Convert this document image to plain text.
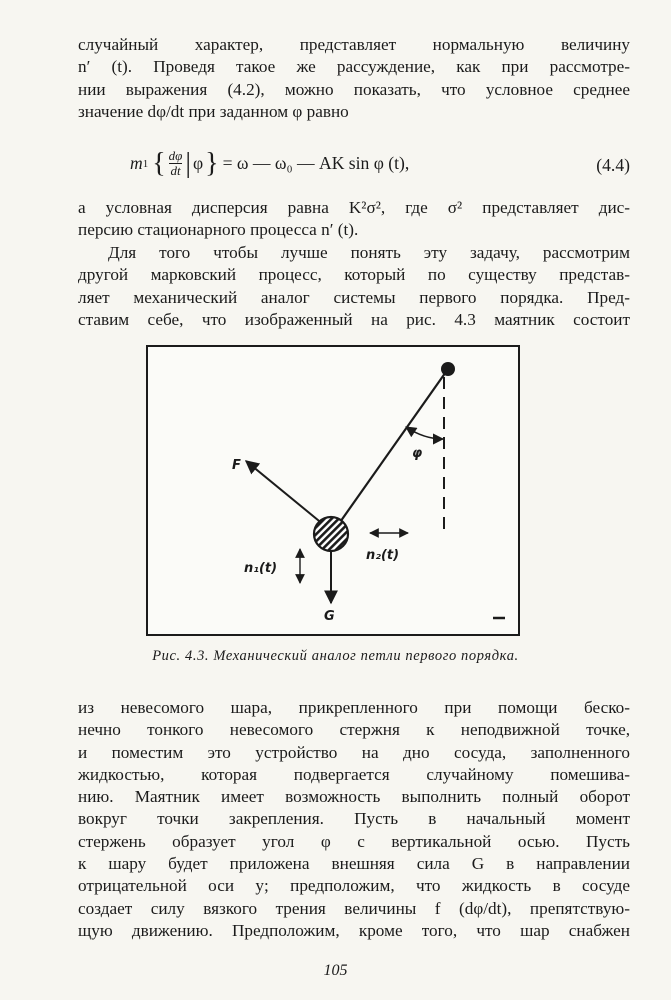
случайный характер, представляет нормальную величину
n′ (t). Проведя такое же рассуждение, как при рассмотре-
нии выражения (4.2), можно показать, что условное среднее
значение dφ/dt при заданном φ равно
m 1 { $\frac{d\varphi}{dt}$ | φ } = ω — ω₀ — AK sin φ (t),	(4.4)
а условная дисперсия равна K²σ², где σ² представляет дис-
персию стационарного процесса n′ (t).
Для того чтобы лучше понять эту задачу, рассмотрим
другой марковский процесс, который по существу представ-
ляет механический аналог системы первого порядка. Пред-
ставим себе, что изображенный на рис. 4.3 маятник состоит
F
φ
n₁(t)
n₂(t)
G
Рис. 4.3. Механический аналог петли первого порядка.
из невесомого шара, прикрепленного при помощи беско-
нечно тонкого невесомого стержня к неподвижной точке,
и поместим это устройство на дно сосуда, заполненного
жидкостью, которая подвергается случайному помешива-
нию. Маятник имеет возможность выполнить полный оборот
вокруг точки закрепления. Пусть в начальный момент
стержень образует угол φ с вертикальной осью. Пусть
к шару будет приложена внешняя сила G в направлении
отрицательной оси y; предположим, что жидкость в сосуде
создает силу вязкого трения величины f (dφ/dt), препятствую-
щую движению. Предположим, кроме того, что шар снабжен
105
